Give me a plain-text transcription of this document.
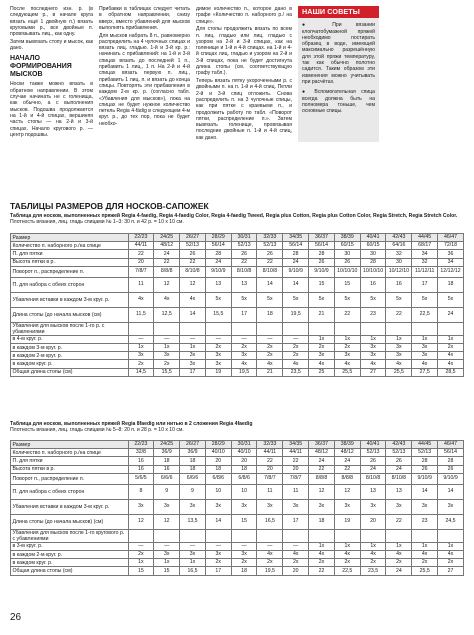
После последнего изн. р. (в следующем р., в начале круга вязать ещё 1 двойную п.) вязать круговыми р., все двойные п. провязывать лиц., как одну.

Затем вывязать стопу и мысок, как дано.

НАЧАЛО ФОРМИРОВАНИЯ МЫСКОВ

Носки также можно вязать в обратном направлении. В этом случае начинать не с голенища, как обычно, а с выполнения мысков. Подошва продолжается на 1-й и 4-й спицах, вершиняя часть стопы — на 2-й и 3-й спицах. Начало кругового р. — центр подошвы.

Прибавки в таблицах следует читать в обратном направлении, снизу вверх, вместо убавлений для мысков выполнять прибавления.

Для мысков набрать 8 п., равномерно распределить на 4 чулочных спицах и вязать лиц. гладью. 1-й и 3-й кр. р.: начинать с прибавлений: на 1-й и 3-й спицах вязать до последней 1 п., прибавить 1 лиц., 1 п. На 2-й и 4-й спицах вязать первую п. лиц., прибавить 1 лиц. п. и вязать до конца спицы. Повторять эти прибавления в каждом 2-м кр. р. (согласно табл. «Убавления для мысков»), пока на спицах не будет нужное количество петель Regia 4-fädig в следующем 4-м круг. р., до тех пор, пока не будет необхо-

димое количество п., которое дано в графе «Количество п. наборного р./ на спице».

Для стопы продолжить вязать по всем п. лиц. гладью или лиц. гладью с узором на 2-й и 3-й спицах, как на голенище и 1-й и 4-й спицах. на 1-й и 4-й спицах лиц. гладью и узором на 2-й и 3-й спицах, пока не будет достигнута длина стопы (см. соответствующую графу табл.).

Теперь вязать пятку укороченными р. с двойными п. на п. 1-й и 4-й спиц. Петли 2-й и 3-й спиц отложить. Снова распределить п. на 3 чулочные спицы, как при пятке с краевыми п., и продолжить работу по табл. «Поворот пятки, распределение п.». Затем вывязать голенище, провязывая последние двойные п. 1-й и 4-й спиц, как дано.

НАШИ СОВЕТЫ

● При вязании клопчатобумажной пряжей необходимо постирать образец в воде, имеющей максимально разрешённую для этой пряжи температуру, так как обычно полотно садится. Таким образом эти изменения можно учитывать при расчётах.

● Вспомогательная спица всегда должна быть на полномера тоньше, чем основные спицы.

ТАБЛИЦЫ РАЗМЕРОВ ДЛЯ НОСКОВ-САПОЖЕК
Таблица для носков, выполненных пряжей Regia 4-faedig, Regia 4-faedig Color, Regia 4-faedig Tweed, Regia plus Cotton, Regia plus Cotton Color, Regia Stretch, Regia Stretch Color. Плотность вязания, лиц. гладь спицами № 1–3: 30 п. и 42 р. = 10 х 10 см.
Размер	22/23	24/25	26/27	28/29	30/31	32/33	34/35	36/37	38/39	40/41	42/43	44/45	46/47
Количество п. наборного р./на спице	44/11	48/12	52/13	56/14	52/13	52/13	56/14	56/14	60/15	60/15	64/16	68/17	72/18
П. для пятки	22	24	26	28	26	26	28	28	30	30	32	34	36
Высота пятки в р.	20	22	22	24	22	22	24	26	26	28	30	32	34
Поворот п., распределение п.	7/8/7	8/8/8	8/10/8	9/10/9	8/10/8	8/10/8	9/10/9	9/10/9	10/10/10	10/10/10	10/12/10	11/12/11	12/12/12
П. для набора с обеих сторон	11	12	12	13	13	14	14	15	15	16	16	17	18
Убавления вставки в каждом 3-м круг. р.	4x	4x	4x	5x	5x	5x	5x	5x	5x	5x	5x	5x	5x
Длина стопы (до начала мысков (см)	11,5	12,5	14	15,5	17	18	19,5	21	22	23	22	22,5	24
Убавления для мысков после 1-го р. с убавлениями													
в 4-м круг. р.	—	—	—	—	—	—	—	1x	1x	1x	1x	1x	1x
в каждом 3-м круг. р.	1x	1x	1x	2x	2x	2x	2x	2x	2x	3x	3x	3x	2x
в каждом 2-м круг. р.	3x	3x	3x	3x	3x	2x	2x	3x	3x	3x	3x	3x	4x
в каждом круг. р.	2x	2x	3x	3x	4x	4x	4x	4x	4x	4x	4x	4x	4x
Общая длина стопы (см)	14,5	15,5	17	19	19,5	21	23,5	25	25,5	27	25,5	27,5	28,5
Таблица для носков, выполненных пряжей Regia 8faedig или нитью в 2 сложения Regia 4faedig
Плотность вязания, лиц. гладь спицами № 5–8: 20 п. и 28 р. = 10 х 10 см.
Размер	22/23	24/25	26/27	28/29	30/31	32/33	34/35	36/37	38/39	40/41	42/43	44/45	46/47
Количество п. наборного р./на спице	32/8	36/9	36/9	40/10	40/10	44/11	44/11	48/12	48/12	52/13	52/13	52/13	56/14
П. для пятки	16	18	18	20	20	22	22	24	24	26	26	28	28
Высота пятки в р.	16	16	18	18	18	20	20	22	22	24	24	26	26
Поворот п., распределение п.	5/6/5	6/6/6	6/6/6	6/8/6	6/8/6	7/8/7	7/8/7	8/8/8	8/8/8	8/10/8	8/10/8	9/10/9	9/10/9
П. для набора с обеих сторон	8	9	9	10	10	11	11	12	12	13	13	14	14
Убавления вставки в каждом 3-м круг. р.	3x	3x	3x	3x	3x	3x	3x	3x	3x	3x	3x	3x	3x
Длина стопы (до начала мысков) (см)	12	12	13,5	14	15	16,5	17	18	19	20	22	23	24,5
Убавления для мысков после 1-го кругового р. с убавлениями													
в 3-м круг. р.	—	—	—	—	—	—	—	1x	1x	1x	1x	1x	1x
в каждом 2-м круг. р.	2x	3x	3x	3x	3x	4x	4x	4x	4x	4x	4x	4x	4x
в каждом круг. р.	1x	1x	1x	2x	2x	2x	2x	2x	2x	2x	2x	2x	2x
Общая длина стопы (см)	15	15	16,5	17	18	19,5	20	22	22,5	23,5	24	25,5	27
26
